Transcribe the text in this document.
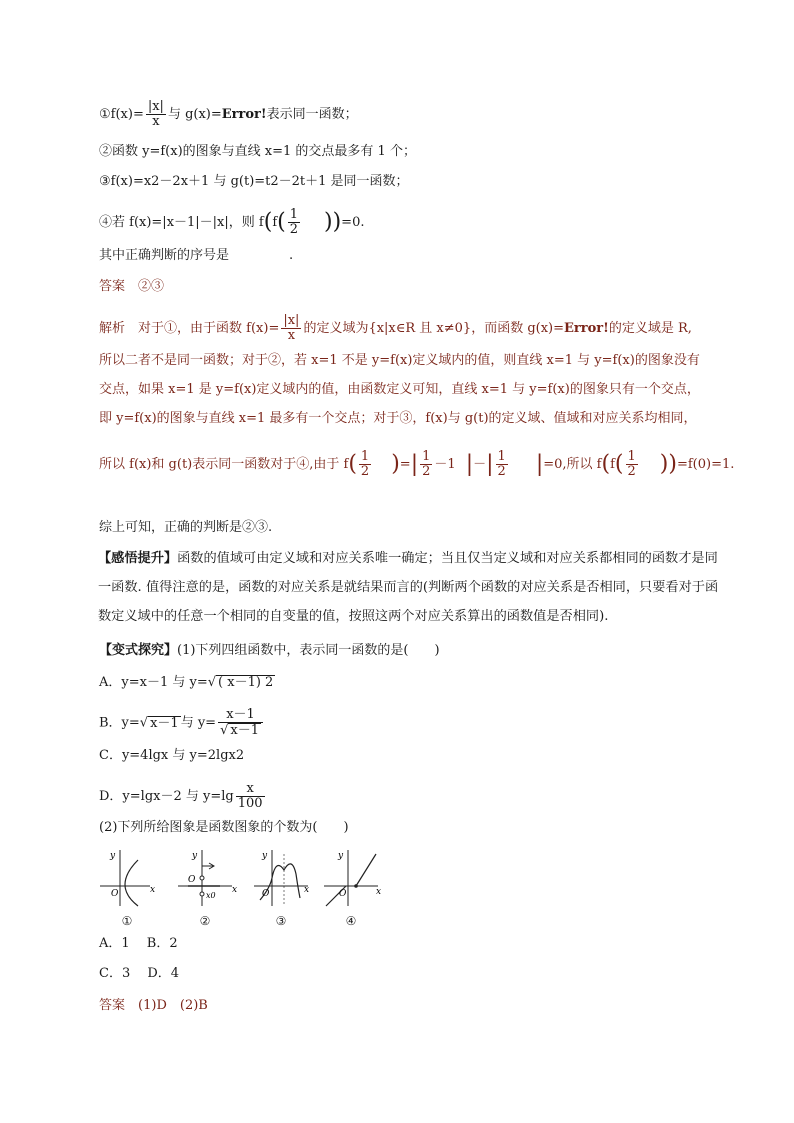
①f(x)= $\frac{|x|}{x}$ 与 g(x)=Error!表示同一函数；
②函数 y=f(x)的图象与直线 x=1 的交点最多有 1 个；
③f(x)=x2－2x＋1 与 g(t)=t2－2t＋1 是同一函数；
④若 f(x)=|x－1|－|x|，则 $f(f( \frac{1}{2} ))=0$.
其中正确判断的序号是	.
答案　 ②③
解析　 对于①，由于函数 $f(x)= \frac{|x|}{x}$ 的定义域为{x|x∈R 且 x≠0}，而函数 g(x)=Error!的定义域是 R,
所以二者不是同一函数；对于②，若 x=1 不是 y=f(x)定义域内的值，则直线 x=1 与 y=f(x)的图象没有
交点，如果 x=1 是 y=f(x)定义域内的值，由函数定义可知，直线 x=1 与 y=f(x)的图象只有一个交点，
即 y=f(x)的图象与直线 x=1 最多有一个交点；对于③，f(x)与 g(t)的定义域、值域和对应关系均相同，
所以 f(x)和 g(t)表示同一函数对于④,由于 $f( \frac{1}{2}$ )=| $\frac{1}{2} -1$ |－| $\frac{1}{2} |=0$,所以 $f(f( \frac{1}{2} ))=f(0)=1$.
综上可知，正确的判断是②③.
【感悟提升】函数的值域可由定义域和对应关系唯一确定；当且仅当定义域和对应关系都相同的函数才是同一函数. 值得注意的是，函数的对应关系是就结果而言的(判断两个函数的对应关系是否相同，只要看对于函数定义域中的任意一个相同的自变量的值，按照这两个对应关系算出的函数值是否相同).
【变式探究】(1)下列四组函数中，表示同一函数的是(　　)
A．y=x－1 与 y=√ ( x－1) 2
B．y=√ x－1 与 $y= \frac{x-1}{√ x-1}$
C．y=4lgx 与 y=2lgx2
D．y=lgx－2 与 $y=\lg \frac{x}{100}$
(2)下列所给图象是函数图象的个数为(　　)
y
x
O
①
y
x
O
x0
②
y
x
O
③
y
x
O
④
A．1　 B．2
C．3　 D．4
答案　 (1)D　(2)B
